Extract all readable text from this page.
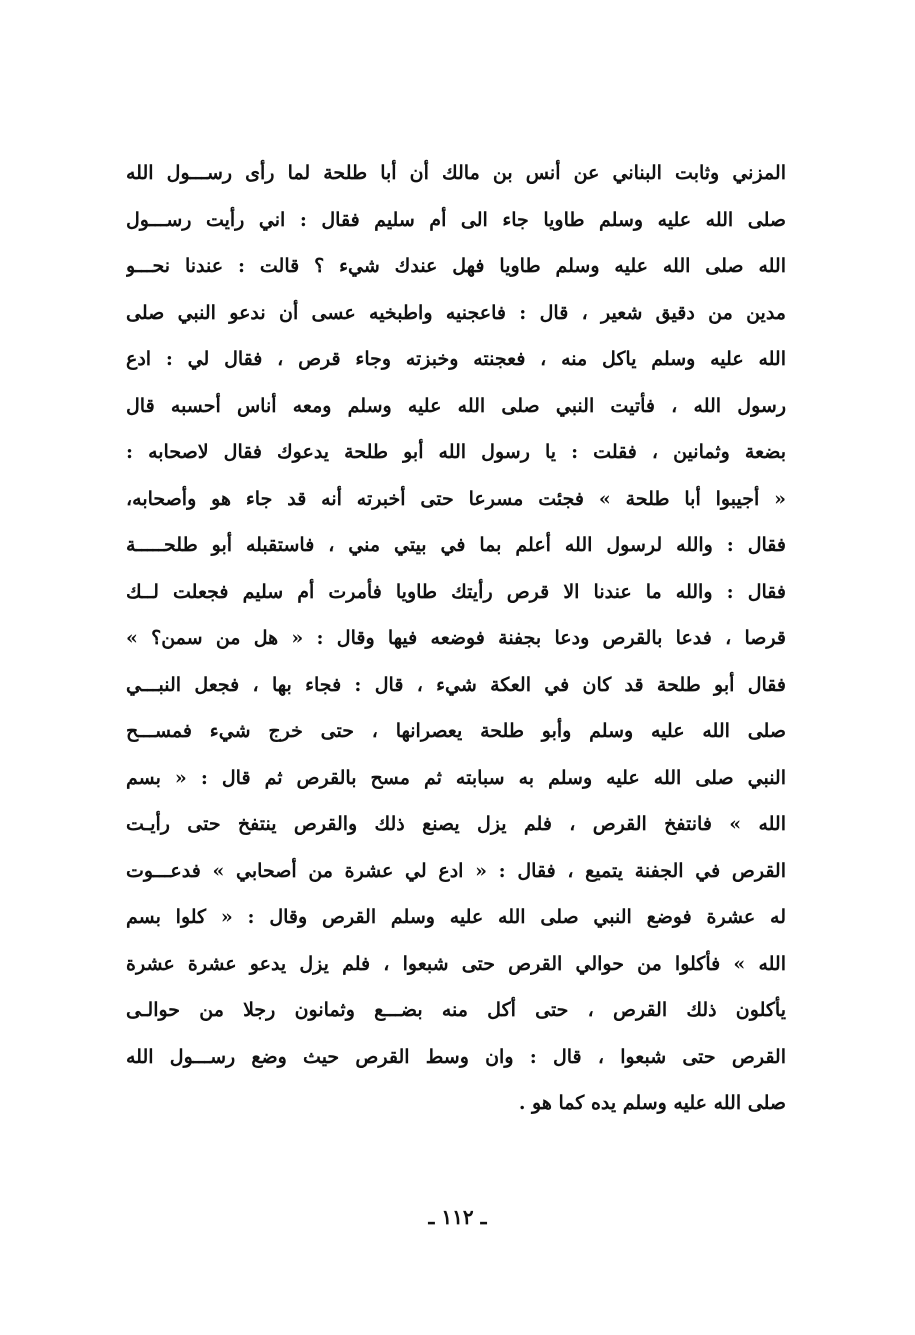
المزني وثابت البناني عن أنس بن مالك أن أبا طلحة لما رأى رســـول الله
صلى الله عليه وسلم طاويا جاء الى أم سليم فقال : اني رأيت رســـول
الله صلى الله عليه وسلم طاويا فهل عندك شيء ؟ قالت : عندنا نحـــو
مدين من دقيق شعير ، قال : فاعجنيه واطبخيه عسى أن ندعو النبي صلى
الله عليه وسلم ياكل منه ، فعجنته وخبزته وجاء قرص ، فقال لي : ادع
رسول الله ، فأتيت النبي صلى الله عليه وسلم ومعه أناس أحسبه قال
بضعة وثمانين ، فقلت : يا رسول الله أبو طلحة يدعوك فقال لاصحابه :
« أجيبوا أبا طلحة » فجئت مسرعا حتى أخبرته أنه قد جاء هو وأصحابه،
فقال : والله لرسول الله أعلم بما في بيتي مني ، فاستقبله أبو طلحـــــة
فقال : والله ما عندنا الا قرص رأيتك طاويا فأمرت أم سليم فجعلت لــك
قرصا ، فدعا بالقرص ودعا بجفنة فوضعه فيها وقال : « هل من سمن؟ »
فقال أبو طلحة قد كان في العكة شيء ، قال : فجاء بها ، فجعل النبـــي
صلى الله عليه وسلم وأبو طلحة يعصرانها ، حتى خرج شيء فمســـح
النبي صلى الله عليه وسلم به سبابته ثم مسح بالقرص ثم قال : « بسم
الله » فانتفخ القرص ، فلم يزل يصنع ذلك والقرص ينتفخ حتى رأيـت
القرص في الجفنة يتميع ، فقال : « ادع لي عشرة من أصحابي » فدعـــوت
له عشرة فوضع النبي صلى الله عليه وسلم القرص وقال : « كلوا بسم
الله » فأكلوا من حوالي القرص حتى شبعوا ، فلم يزل يدعو عشرة عشرة
يأكلون ذلك القرص ، حتى أكل منه بضـــع وثمانون رجلا من حوالـى
القرص حتى شبعوا ، قال : وان وسط القرص حيث وضع رســـول الله
صلى الله عليه وسلم يده كما هو .
ـ ١١٢ ـ
